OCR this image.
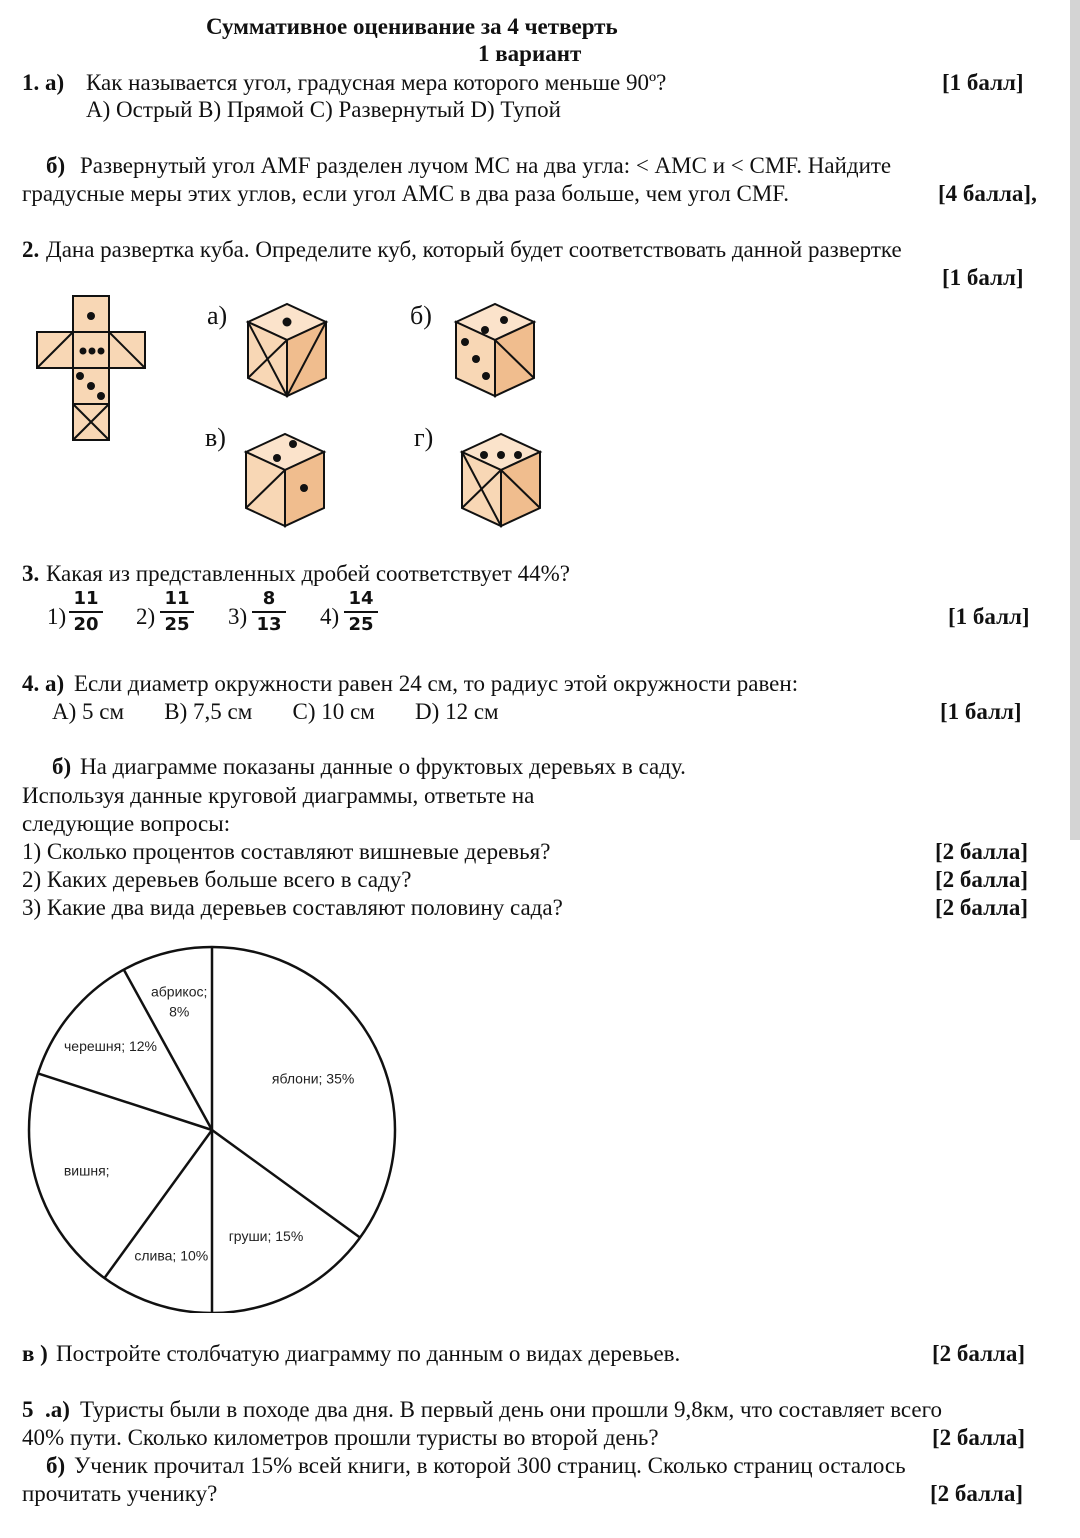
Суммативное оценивание за 4 четверть
1 вариант
1. а) Как называется угол, градусная мера которого меньше 90º?	[1 балл]
А) Острый В) Прямой С) Развернутый D) Тупой
б) Развернутый угол АМF разделен лучом МС на два угла: < АМС и < СМF. Найдите
градусные меры этих углов, если угол АМС в два раза больше, чем угол СМF.	[4 балла],
2. Дана развертка куба. Определите куб, который будет соответствовать данной развертке
[1 балл]
а)	б)
в)	г)
3. Какая из представленных дробей соответствует 44%?
[1 балл]
1)
11
20 2)
11
25 3)
8
13 4)
14
25
4. а) Если диаметр окружности равен 24 см, то радиус этой окружности равен:
А) 5 см       В) 7,5 см       С) 10 см       D) 12 см	[1 балл]
б) На диаграмме показаны данные о фруктовых деревьях в саду.
Используя данные круговой диаграммы, ответьте на
следующие вопросы:
1) Сколько процентов составляют вишневые деревья?	[2 балла]
2) Каких деревьев больше всего в саду?	[2 балла]
3) Какие два вида деревьев составляют половину сада?	[2 балла]
яблони; 35%
груши; 15%
слива; 10%
вишня;
черешня; 12%
абрикос; 8%
в ) Постройте столбчатую диаграмму по данным о видах деревьев.	[2 балла]
5  .а) Туристы были в походе два дня. В первый день они прошли 9,8км, что составляет всего
40% пути. Сколько километров прошли туристы во второй день?	[2 балла]
б) Ученик прочитал 15% всей книги, в которой 300 страниц. Сколько страниц осталось
прочитать ученику?	[2 балла]
